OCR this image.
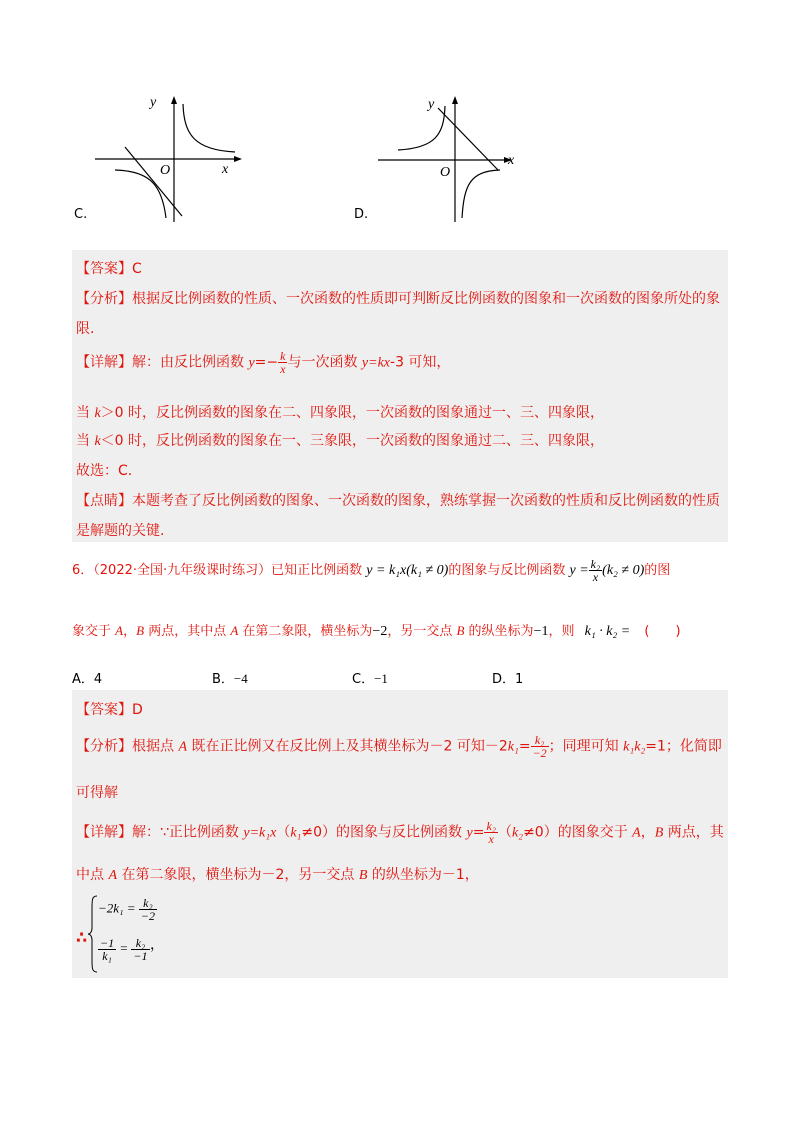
y
x
O
C.
y
x
O
D.
【答案】C
【分析】根据反比例函数的性质、一次函数的性质即可判断反比例函数的图象和一次函数的图象所处的象
限.
【详解】解：由反比例函数 $y=- \frac{k}{x}$ 与一次函数 y=kx-3 可知，
当 k＞0 时，反比例函数的图象在二、四象限，一次函数的图象通过一、三、四象限，
当 k＜0 时，反比例函数的图象在一、三象限，一次函数的图象通过二、三、四象限，
故选：C.
【点睛】本题考查了反比例函数的图象、一次函数的图象，熟练掌握一次函数的性质和反比例函数的性质
是解题的关键.
6．（2022·全国·九年级课时练习）已知正比例函数 y = k₁x(k₁ ≠ 0)的图象与反比例函数 $y = \frac{\text{k₂}}{x} (k_2 \ne 0)$的图
象交于 A，B 两点，其中点 A 在第二象限，横坐标为−2，另一交点 B 的纵坐标为−1，则 k₁ · k₂ = (　　)
A．4	B．−4	C．−1	D．1
【答案】D
【分析】根据点 A 既在正比例又在反比例上及其横坐标为－2 可知$-2k_1= \frac{\text{k₂}}{-2}$ ；同理可知 k₁k₂=1；化简即
可得解
【详解】解：∵正比例函数 y=k₁x（k₁≠0）的图象与反比例函数 $y= \frac{\text{k₂}}{x} (k_2\ne 0)$的图象交于 A，B 两点，其
中点 A 在第二象限，横坐标为－2，另一交点 B 的纵坐标为－1，
∴
$-2k_1 = \frac{\text{k₂}}{-2}$
$\frac{-1}{\text{k₁}} = \frac{\text{k₂}}{-1}$ ，
